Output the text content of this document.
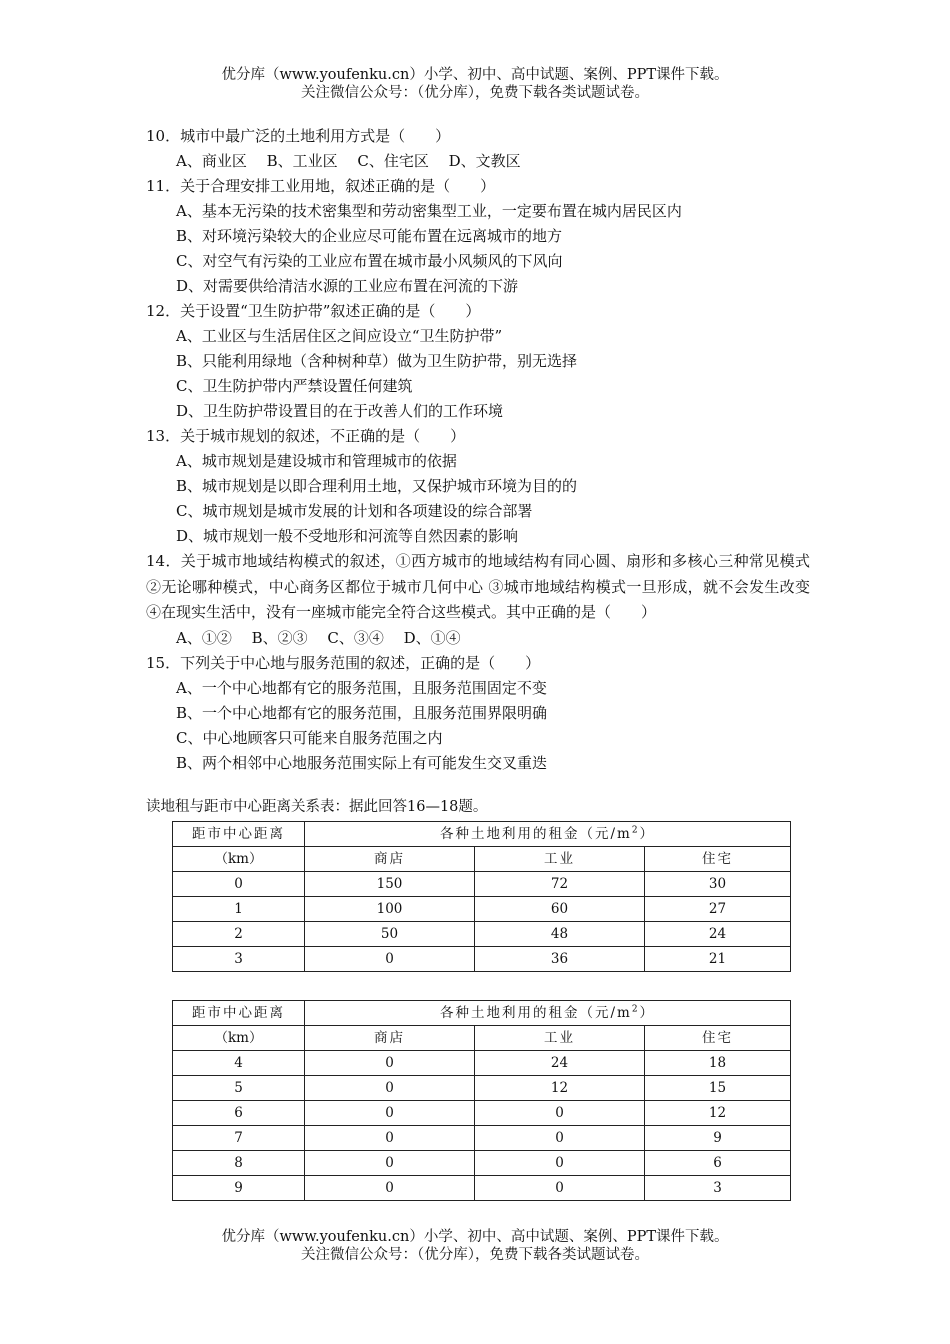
优分库（www.youfenku.cn）小学、初中、高中试题、案例、PPT课件下载。
关注微信公众号：（优分库），免费下载各类试题试卷。
10．城市中最广泛的土地利用方式是（　　）
A、商业区　 B、工业区　 C、住宅区　 D、文教区
11．关于合理安排工业用地，叙述正确的是（　　）
A、基本无污染的技术密集型和劳动密集型工业，一定要布置在城内居民区内
B、对环境污染较大的企业应尽可能布置在远离城市的地方
C、对空气有污染的工业应布置在城市最小风频风的下风向
D、对需要供给清洁水源的工业应布置在河流的下游
12．关于设置“卫生防护带”叙述正确的是（　　）
A、工业区与生活居住区之间应设立“卫生防护带”
B、只能利用绿地（含种树种草）做为卫生防护带，别无选择
C、卫生防护带内严禁设置任何建筑
D、卫生防护带设置目的在于改善人们的工作环境
13．关于城市规划的叙述，不正确的是（　　）
A、城市规划是建设城市和管理城市的依据
B、城市规划是以即合理利用土地，又保护城市环境为目的的
C、城市规划是城市发展的计划和各项建设的综合部署
D、城市规划一般不受地形和河流等自然因素的影响
14．关于城市地域结构模式的叙述，①西方城市的地域结构有同心圆、扇形和多核心三种常见模式 ②无论哪种模式，中心商务区都位于城市几何中心 ③城市地域结构模式一旦形成，就不会发生改变 ④在现实生活中，没有一座城市能完全符合这些模式。其中正确的是（　　）
A、①②　 B、②③　 C、③④　 D、①④
15．下列关于中心地与服务范围的叙述，正确的是（　　）
A、一个中心地都有它的服务范围，且服务范围固定不变
B、一个中心地都有它的服务范围，且服务范围界限明确
C、中心地顾客只可能来自服务范围之内
B、两个相邻中心地服务范围实际上有可能发生交叉重迭
读地租与距市中心距离关系表：据此回答16—18题。
距市中心距离	各种土地利用的租金（元$/m^2$）		
（km）	商店	工业	住宅
0	150	72	30
1	100	60	27
2	50	48	24
3	0	36	21
距市中心距离	各种土地利用的租金（元$/m^2$）		
（km）	商店	工业	住宅
4	0	24	18
5	0	12	15
6	0	0	12
7	0	0	9
8	0	0	6
9	0	0	3
优分库（www.youfenku.cn）小学、初中、高中试题、案例、PPT课件下载。
关注微信公众号：（优分库），免费下载各类试题试卷。
